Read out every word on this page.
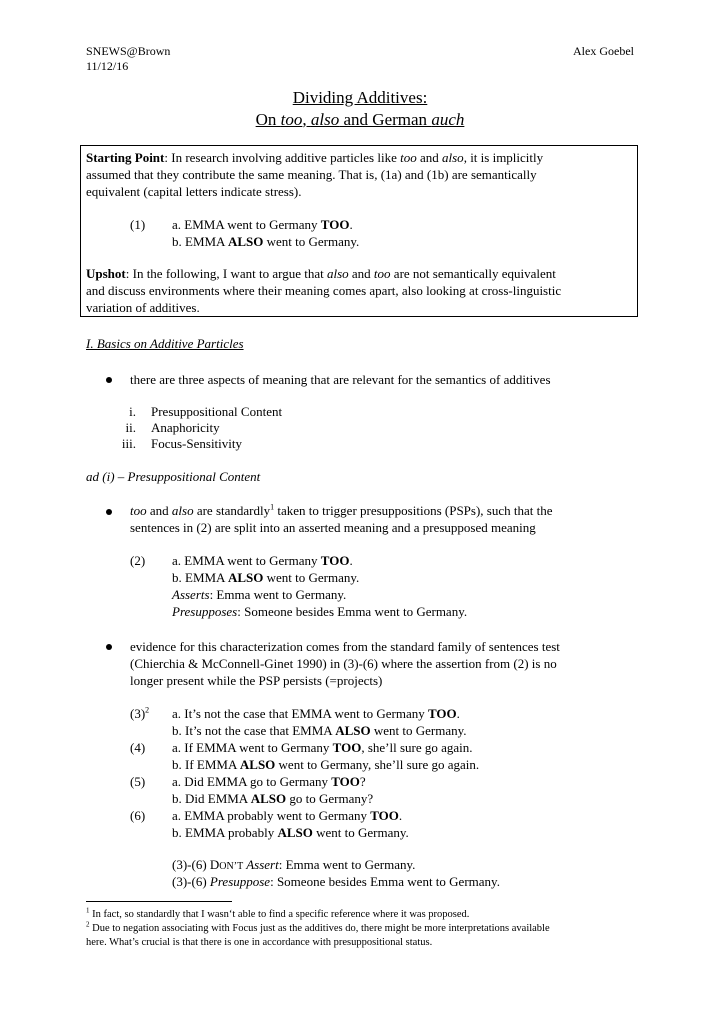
SNEWS@Brown
11/12/16
Alex Goebel
Dividing Additives:
On too, also and German auch
Starting Point: In research involving additive particles like too and also, it is implicitly
assumed that they contribute the same meaning. That is, (1a) and (1b) are semantically
equivalent (capital letters indicate stress).
(1) a. EMMA went to Germany TOO.
b. EMMA ALSO went to Germany.
Upshot: In the following, I want to argue that also and too are not semantically equivalent
and discuss environments where their meaning comes apart, also looking at cross-linguistic
variation of additives.
I. Basics on Additive Particles
there are three aspects of meaning that are relevant for the semantics of additives
i. Presuppositional Content
ii. Anaphoricity
iii. Focus-Sensitivity
ad (i) – Presuppositional Content
too and also are standardly$^1$ taken to trigger presuppositions (PSPs), such that the
sentences in (2) are split into an asserted meaning and a presupposed meaning
(2) a. EMMA went to Germany TOO.
b. EMMA ALSO went to Germany.
Asserts: Emma went to Germany.
Presupposes: Someone besides Emma went to Germany.
evidence for this characterization comes from the standard family of sentences test
(Chierchia & McConnell-Ginet 1990) in (3)-(6) where the assertion from (2) is no
longer present while the PSP persists (=projects)
$(3)^2$ a. It’s not the case that EMMA went to Germany TOO.
b. It’s not the case that EMMA ALSO went to Germany.
(4) a. If EMMA went to Germany TOO, she’ll sure go again.
b. If EMMA ALSO went to Germany, she’ll sure go again.
(5) a. Did EMMA go to Germany TOO?
b. Did EMMA ALSO go to Germany?
(6) a. EMMA probably went to Germany TOO.
b. EMMA probably ALSO went to Germany.
(3)-(6) DON’T Assert: Emma went to Germany.
(3)-(6) Presuppose: Someone besides Emma went to Germany.
$^1$ In fact, so standardly that I wasn‘t able to find a specific reference where it was proposed.
$^2$ Due to negation associating with Focus just as the additives do, there might be more interpretations available
here. What’s crucial is that there is one in accordance with presuppositional status.
